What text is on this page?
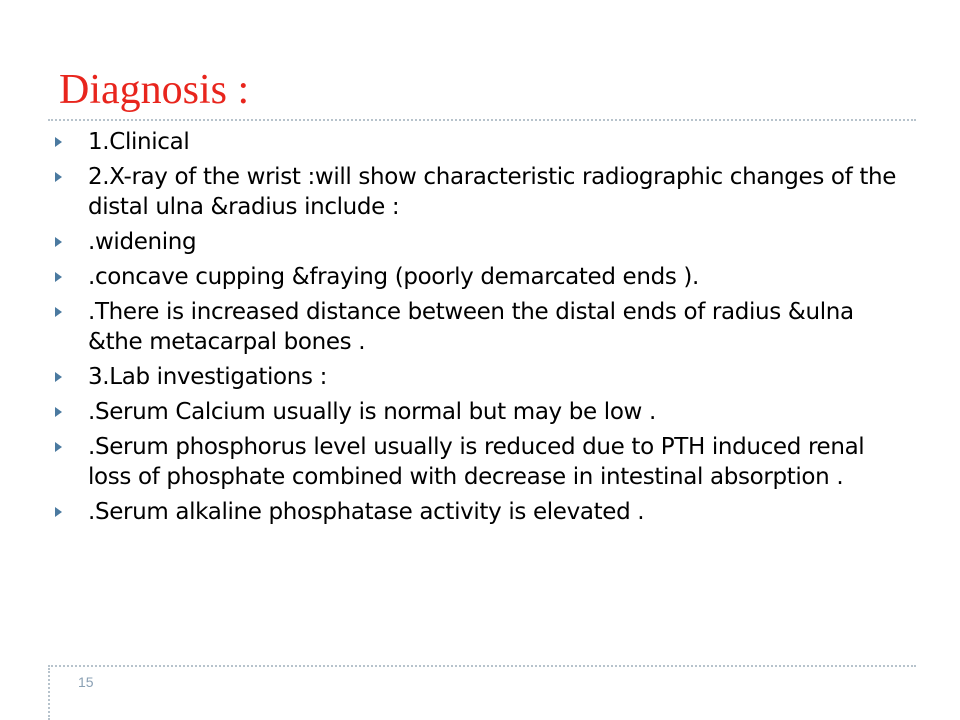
Diagnosis :
1.Clinical
2.X-ray of the wrist :will show characteristic radiographic changes of the distal ulna &radius include :
.widening
.concave cupping &fraying (poorly demarcated ends ).
.There is increased distance between the distal ends of radius &ulna &the metacarpal bones .
3.Lab investigations :
.Serum Calcium usually is normal but may be low .
.Serum phosphorus level usually is reduced due to PTH induced renal loss of phosphate combined with decrease in intestinal absorption .
.Serum alkaline phosphatase activity is elevated .
15
